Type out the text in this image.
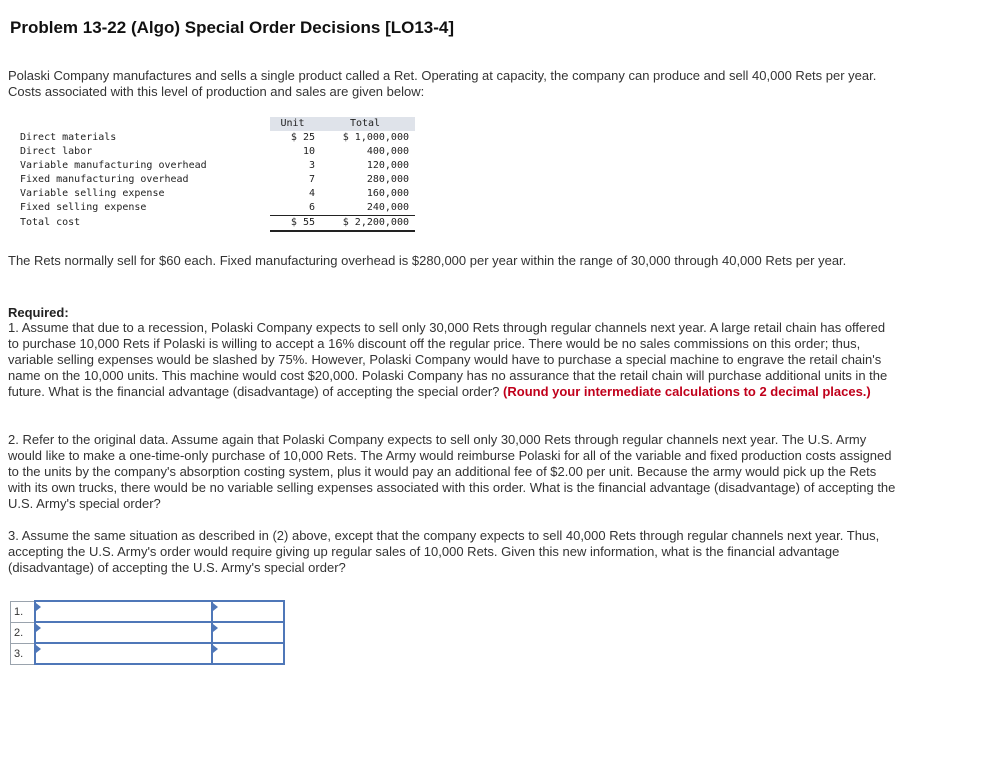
Problem 13-22 (Algo) Special Order Decisions [LO13-4]
Polaski Company manufactures and sells a single product called a Ret. Operating at capacity, the company can produce and sell 40,000 Rets per year. Costs associated with this level of production and sales are given below:
	Unit	Total
Direct materials	$ 25	$ 1,000,000
Direct labor	10	400,000
Variable manufacturing overhead	3	120,000
Fixed manufacturing overhead	7	280,000
Variable selling expense	4	160,000
Fixed selling expense	6	240,000
Total cost	$ 55	$ 2,200,000
The Rets normally sell for $60 each. Fixed manufacturing overhead is $280,000 per year within the range of 30,000 through 40,000 Rets per year.
Required:
1. Assume that due to a recession, Polaski Company expects to sell only 30,000 Rets through regular channels next year. A large retail chain has offered to purchase 10,000 Rets if Polaski is willing to accept a 16% discount off the regular price. There would be no sales commissions on this order; thus, variable selling expenses would be slashed by 75%. However, Polaski Company would have to purchase a special machine to engrave the retail chain's name on the 10,000 units. This machine would cost $20,000. Polaski Company has no assurance that the retail chain will purchase additional units in the future. What is the financial advantage (disadvantage) of accepting the special order? (Round your intermediate calculations to 2 decimal places.)
2. Refer to the original data. Assume again that Polaski Company expects to sell only 30,000 Rets through regular channels next year. The U.S. Army would like to make a one-time-only purchase of 10,000 Rets. The Army would reimburse Polaski for all of the variable and fixed production costs assigned to the units by the company's absorption costing system, plus it would pay an additional fee of $2.00 per unit. Because the army would pick up the Rets with its own trucks, there would be no variable selling expenses associated with this order. What is the financial advantage (disadvantage) of accepting the U.S. Army's special order?
3. Assume the same situation as described in (2) above, except that the company expects to sell 40,000 Rets through regular channels next year. Thus, accepting the U.S. Army's order would require giving up regular sales of 10,000 Rets. Given this new information, what is the financial advantage (disadvantage) of accepting the U.S. Army's special order?
1.	

2.	

3.	
